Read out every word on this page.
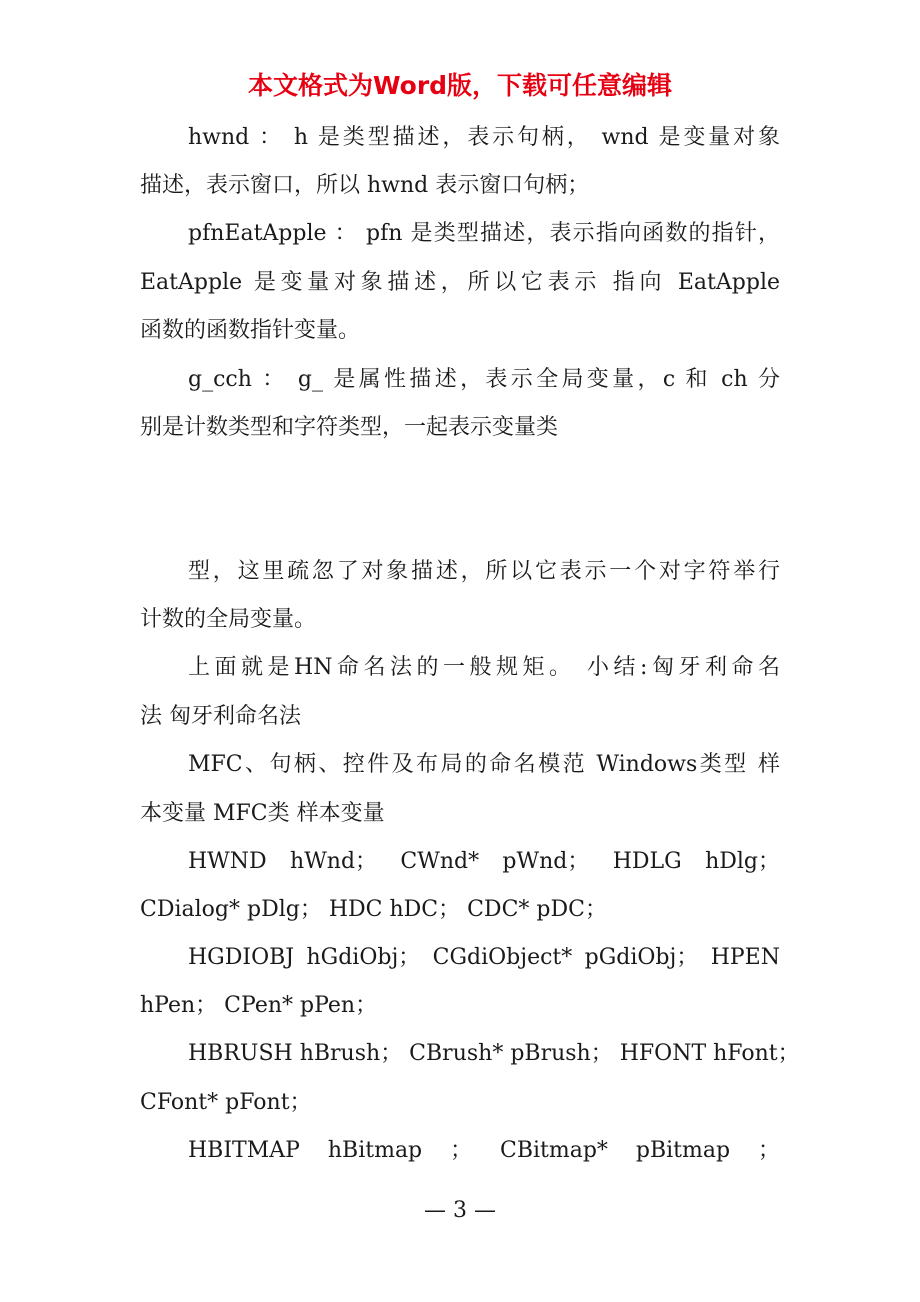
本文格式为Word版，下载可任意编辑
hwnd ： h 是类型描述，表示句柄， wnd 是变量对象
描述，表示窗口，所以 hwnd 表示窗口句柄；
pfnEatApple ： pfn 是类型描述，表示指向函数的指针，
EatApple 是变量对象描述，所以它表示 指向 EatApple
函数的函数指针变量。
g_cch ： g_ 是属性描述，表示全局变量，c 和 ch 分
别是计数类型和字符类型，一起表示变量类
型，这里疏忽了对象描述，所以它表示一个对字符举行
计数的全局变量。
上面就是HN命名法的一般规矩。 小结:匈牙利命名
法 匈牙利命名法
MFC、句柄、控件及布局的命名模范 Windows类型 样
本变量 MFC类 样本变量
HWND hWnd； CWnd* pWnd； HDLG hDlg；
CDialog* pDlg； HDC hDC； CDC* pDC；
HGDIOBJ hGdiObj； CGdiObject* pGdiObj； HPEN
hPen； CPen* pPen；
HBRUSH hBrush； CBrush* pBrush； HFONT hFont；
CFont* pFont；
HBITMAP hBitmap ； CBitmap* pBitmap ；
— 3 —
